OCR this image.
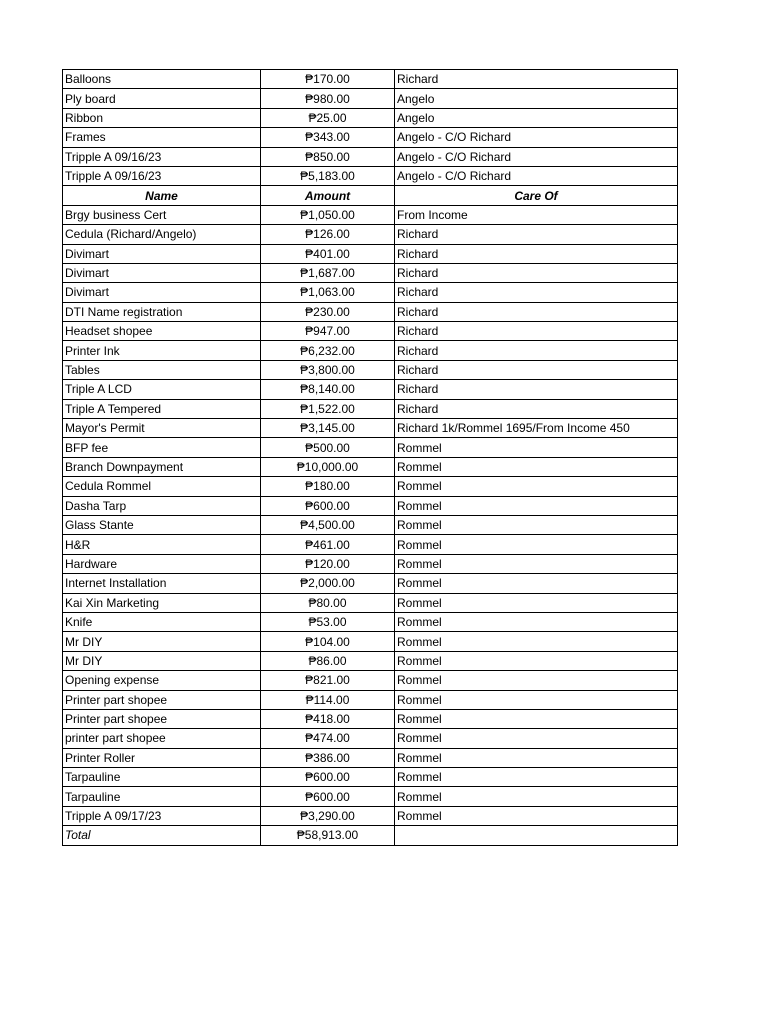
Balloons	₱170.00	Richard
Ply board	₱980.00	Angelo
Ribbon	₱25.00	Angelo
Frames	₱343.00	Angelo - C/O Richard
Tripple A 09/16/23	₱850.00	Angelo - C/O Richard
Tripple A 09/16/23	₱5,183.00	Angelo - C/O Richard
Name	Amount	Care Of
Brgy business Cert	₱1,050.00	From Income
Cedula (Richard/Angelo)	₱126.00	Richard
Divimart	₱401.00	Richard
Divimart	₱1,687.00	Richard
Divimart	₱1,063.00	Richard
DTI Name registration	₱230.00	Richard
Headset shopee	₱947.00	Richard
Printer Ink	₱6,232.00	Richard
Tables	₱3,800.00	Richard
Triple A LCD	₱8,140.00	Richard
Triple A Tempered	₱1,522.00	Richard
Mayor's Permit	₱3,145.00	Richard 1k/Rommel 1695/From Income 450
BFP fee	₱500.00	Rommel
Branch Downpayment	₱10,000.00	Rommel
Cedula Rommel	₱180.00	Rommel
Dasha Tarp	₱600.00	Rommel
Glass Stante	₱4,500.00	Rommel
H&R	₱461.00	Rommel
Hardware	₱120.00	Rommel
Internet Installation	₱2,000.00	Rommel
Kai Xin Marketing	₱80.00	Rommel
Knife	₱53.00	Rommel
Mr DIY	₱104.00	Rommel
Mr DIY	₱86.00	Rommel
Opening expense	₱821.00	Rommel
Printer part shopee	₱114.00	Rommel
Printer part shopee	₱418.00	Rommel
printer part shopee	₱474.00	Rommel
Printer Roller	₱386.00	Rommel
Tarpauline	₱600.00	Rommel
Tarpauline	₱600.00	Rommel
Tripple A 09/17/23	₱3,290.00	Rommel
Total	₱58,913.00	
